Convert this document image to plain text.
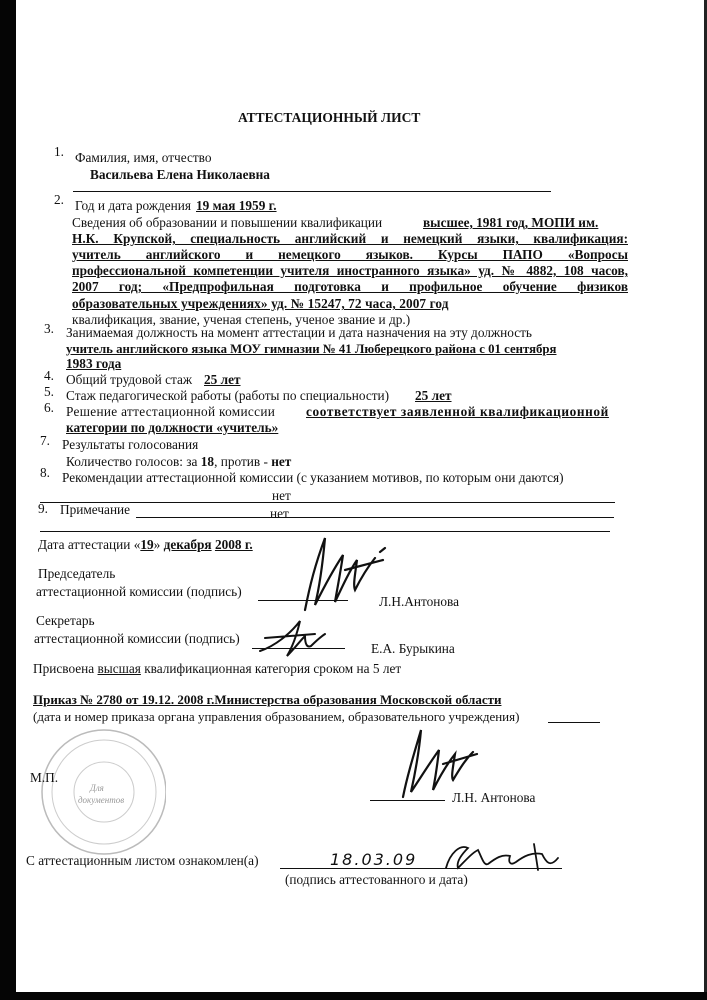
АТТЕСТАЦИОННЫЙ ЛИСТ
1. Фамилия, имя, отчество
Васильева Елена Николаевна
2. Год и дата рождения 19 мая 1959 г.
Сведения об образовании и повышении квалификации	высшее, 1981 год, МОПИ им.
Н.К. Крупской, специальность английский и немецкий языки, квалификация:
учитель английского и немецкого языков. Курсы ПАПО «Вопросы
профессиональной компетенции учителя иностранного языка» уд. № 4882, 108 часов,
2007 год; «Предпрофильная подготовка и профильное обучение физиков
образовательных учреждениях» уд. № 15247, 72 часа, 2007 год
квалификация, звание, ученая степень, ученое звание и др.)
3. Занимаемая должность на момент аттестации и дата назначения на эту должность
учитель английского языка МОУ гимназии № 41 Люберецкого района с 01 сентября
1983 года
4. Общий трудовой стаж 25 лет
5. Стаж педагогической работы (работы по специальности) 25 лет
6. Решение аттестационной комиссии соответствует заявленной квалификационной
категории по должности «учитель»
7. Результаты голосования
Количество голосов: за 18, против - нет
8. Рекомендации аттестационной комиссии (с указанием мотивов, по которым они даются)
нет
9. Примечание	нет
Дата аттестации «19» декабря 2008 г.
Председатель
аттестационной комиссии (подпись)
Л.Н.Антонова
Секретарь
аттестационной комиссии (подпись)
Е.А. Бурыкина
Присвоена высшая квалификационная категория сроком на 5 лет
Приказ № 2780 от 19.12. 2008 г.Министерства образования Московской области
(дата и номер приказа органа управления образованием, образовательного учреждения)
Для
документов
М.П.
Л.Н. Антонова
С аттестационным листом ознакомлен(а)	18.03.09
(подпись аттестованного и дата)
